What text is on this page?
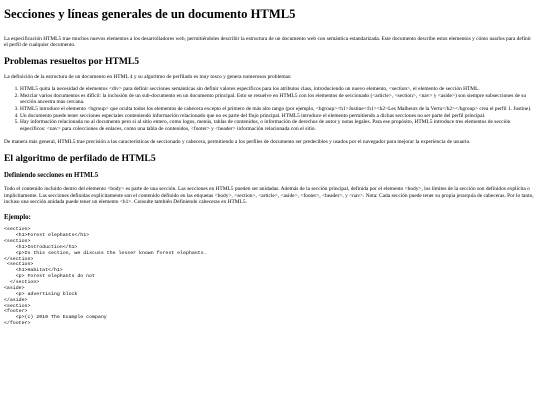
Secciones y líneas generales de un documento HTML5

La especificación HTML5 trae muchos nuevos elementos a los desarrolladores web, permitiéndoles describir la estructura de un documento web con semántica estandarizada. Este documento describe estos elementos y cómo usarlos para definir el perfil de cualquier documento.

Problemas resueltos por HTML5

La definición de la estructura de un documento en HTML 4 y su algoritmo de perfilado es muy tosco y genera numerosos problemas:

1. HTML5 quita la necesidad de elementos <div> para definir secciones semánticas sin definir valores específicos para los atributos class, introduciendo un nuevo elemento, <section>, el elemento de sección HTML.
2. Mezclar varios documentos es difícil: la inclusión de un sub-documento en un documento principal. Esto se resuelve en HTML5 con los elementos de seccionado (<article>, <section>, <nav> y <aside>) son siempre subsecciones de su sección ancestra más cercana.
3. HTML5 introduce el elemento <hgroup> que oculta todos los elementos de cabecera excepto el primero de más alto rango (por ejemplo, <hgroup><h1>Justine</h1><h2>Les Malheurs de la Vertu</h2></hgroup> crea el perfil 1. Justine).
4. Un documento puede tener secciones especiales conteniendo información relacionado que no es parte del flujo principal. HTML5 introduce el elemento permitiendo a dichas secciones no ser parte del perfil principal.
5. Hay información relacionada no al documento pero si al sitio entero, como logos, menús, tablas de contenidos, o información de derechos de autor y notas legales. Para ese propósito, HTML5 introduce tres elementos de sección específicos: <nav> para colecciones de enlaces, como una tabla de contenidos, <footer> y <header> información relacionada con el sitio.

De manera más general, HTML5 trae precisión a las características de seccionado y cabecera, permitiendo a los perfiles de documento ser predecibles y usados por el navegador para mejorar la experiencia de usuario.

El algoritmo de perfilado de HTML5
Definiendo secciones en HTML5

Todo el contenido incluido dentro del elemento <body> es parte de una sección. Las secciones en HTML5 pueden ser anidadas. Además de la sección principal, definida por el elemento <body>, los límites de la sección son definidos explícita o implícitamente. Las secciones definidas explícitamente son el contenido definido en las etiquetas <body>, <section>, <article>, <aside>, <footer>, <header>, y <nav>. Nota: Cada sección puede tener su propia jerarquía de cabeceras. Por lo tanto, incluso una sección anidada puede tener un elemento <h1>. Consulte también Definiendo cabeceras en HTML5.

Ejemplo:
<section>
<h1>Forest elephants</h1>
<section>
<h1>Introduction</h1>
<p>In this section, we discuss the lesser known forest elephants.
</section>
<section>
<h1>Habitat</h1>
<p> Forest elephants do not
</section>
<aside>
<p> advertising block
</aside>
<section>
<footer>
<p>(c) 2010 The Example company
</footer>
